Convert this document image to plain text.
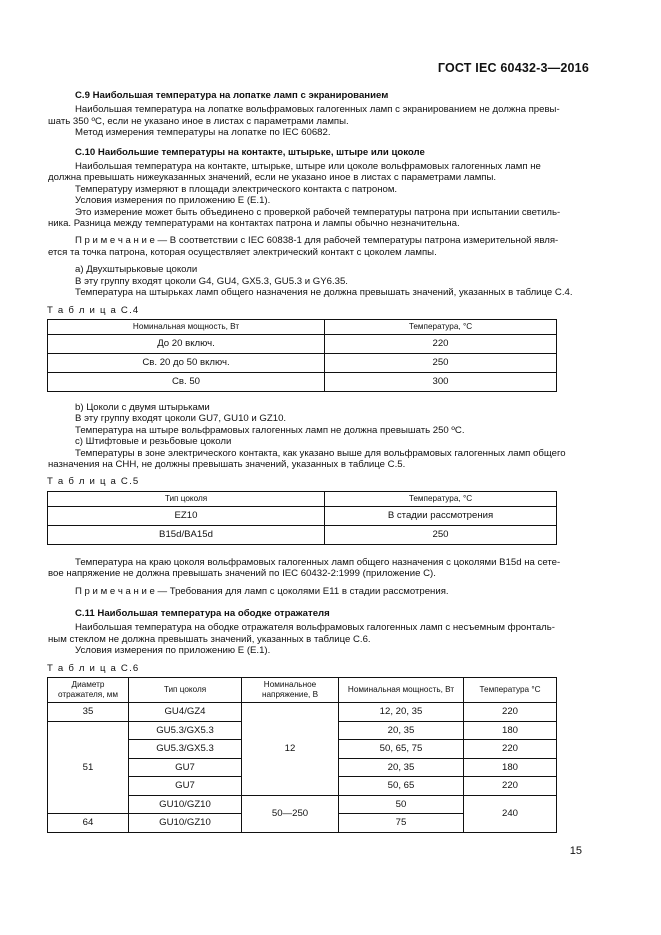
ГОСТ IEC 60432-3—2016

С.9 Наибольшая температура на лопатке ламп с экранированием

Наибольшая температура на лопатке вольфрамовых галогенных ламп с экранированием не должна превы-

шать 350 ºС, если не указано иное в листах с параметрами лампы.

Метод измерения температуры на лопатке по IEC 60682.

С.10 Наибольшие температуры на контакте, штырьке, штыре или цоколе

Наибольшая температура на контакте, штырьке, штыре или цоколе вольфрамовых галогенных ламп не

должна превышать нижеуказанных значений, если не указано иное в листах с параметрами лампы.

Температуру измеряют в площади электрического контакта с патроном.

Условия измерения по приложению Е (Е.1).

Это измерение может быть объединено с проверкой рабочей температуры патрона при испытании светиль-

ника. Разница между температурами на контактах патрона и лампы обычно незначительна.

П р и м е ч а н и е — В соответствии с IEC 60838-1 для рабочей температуры патрона измерительной явля-

ется та точка патрона, которая осуществляет электрический контакт с цоколем лампы.

а) Двухштырьковые цоколи

В эту группу входят цоколи G4, GU4, GX5.3, GU5.3 и GY6.35.

Температура на штырьках ламп общего назначения не должна превышать значений, указанных в таблице С.4.

Т а б л и ц а С.4

Номинальная мощность, Вт	Температура, °С
До 20 включ.	220
Св. 20 до 50 включ.	250
Св. 50	300

b) Цоколи с двумя штырьками

В эту группу входят цоколи GU7, GU10 и GZ10.

Температура на штыре вольфрамовых галогенных ламп не должна превышать 250 ºС.

c) Штифтовые и резьбовые цоколи

Температуры в зоне электрического контакта, как указано выше для вольфрамовых галогенных ламп общего

назначения на СНН, не должны превышать значений, указанных в таблице С.5.

Т а б л и ц а С.5

Тип цоколя	Температура, °С
EZ10	В стадии рассмотрения
B15d/BA15d	250

Температура на краю цоколя вольфрамовых галогенных ламп общего назначения с цоколями B15d на сете-

вое напряжение не должна превышать значений по IEC 60432-2:1999 (приложение С).

П р и м е ч а н и е — Требования для ламп с цоколями Е11 в стадии рассмотрения.

С.11 Наибольшая температура на ободке отражателя

Наибольшая температура на ободке отражателя вольфрамовых галогенных ламп с несъемным фронталь-

ным стеклом не должна превышать значений, указанных в таблице С.6.

Условия измерения по приложению Е (Е.1).

Т а б л и ц а С.6

Диаметр отражателя, мм	Тип цоколя	Номинальное напряжение, В	Номинальная мощность, Вт	Температура °С
35	GU4/GZ4	12	12, 20, 35	220
51	GU5.3/GX5.3		20, 35	180
	GU5.3/GX5.3		50, 65, 75	220
	GU7		20, 35	180
	GU7		50, 65	220
	GU10/GZ10	50—250	50	240
64	GU10/GZ10		75	
15
